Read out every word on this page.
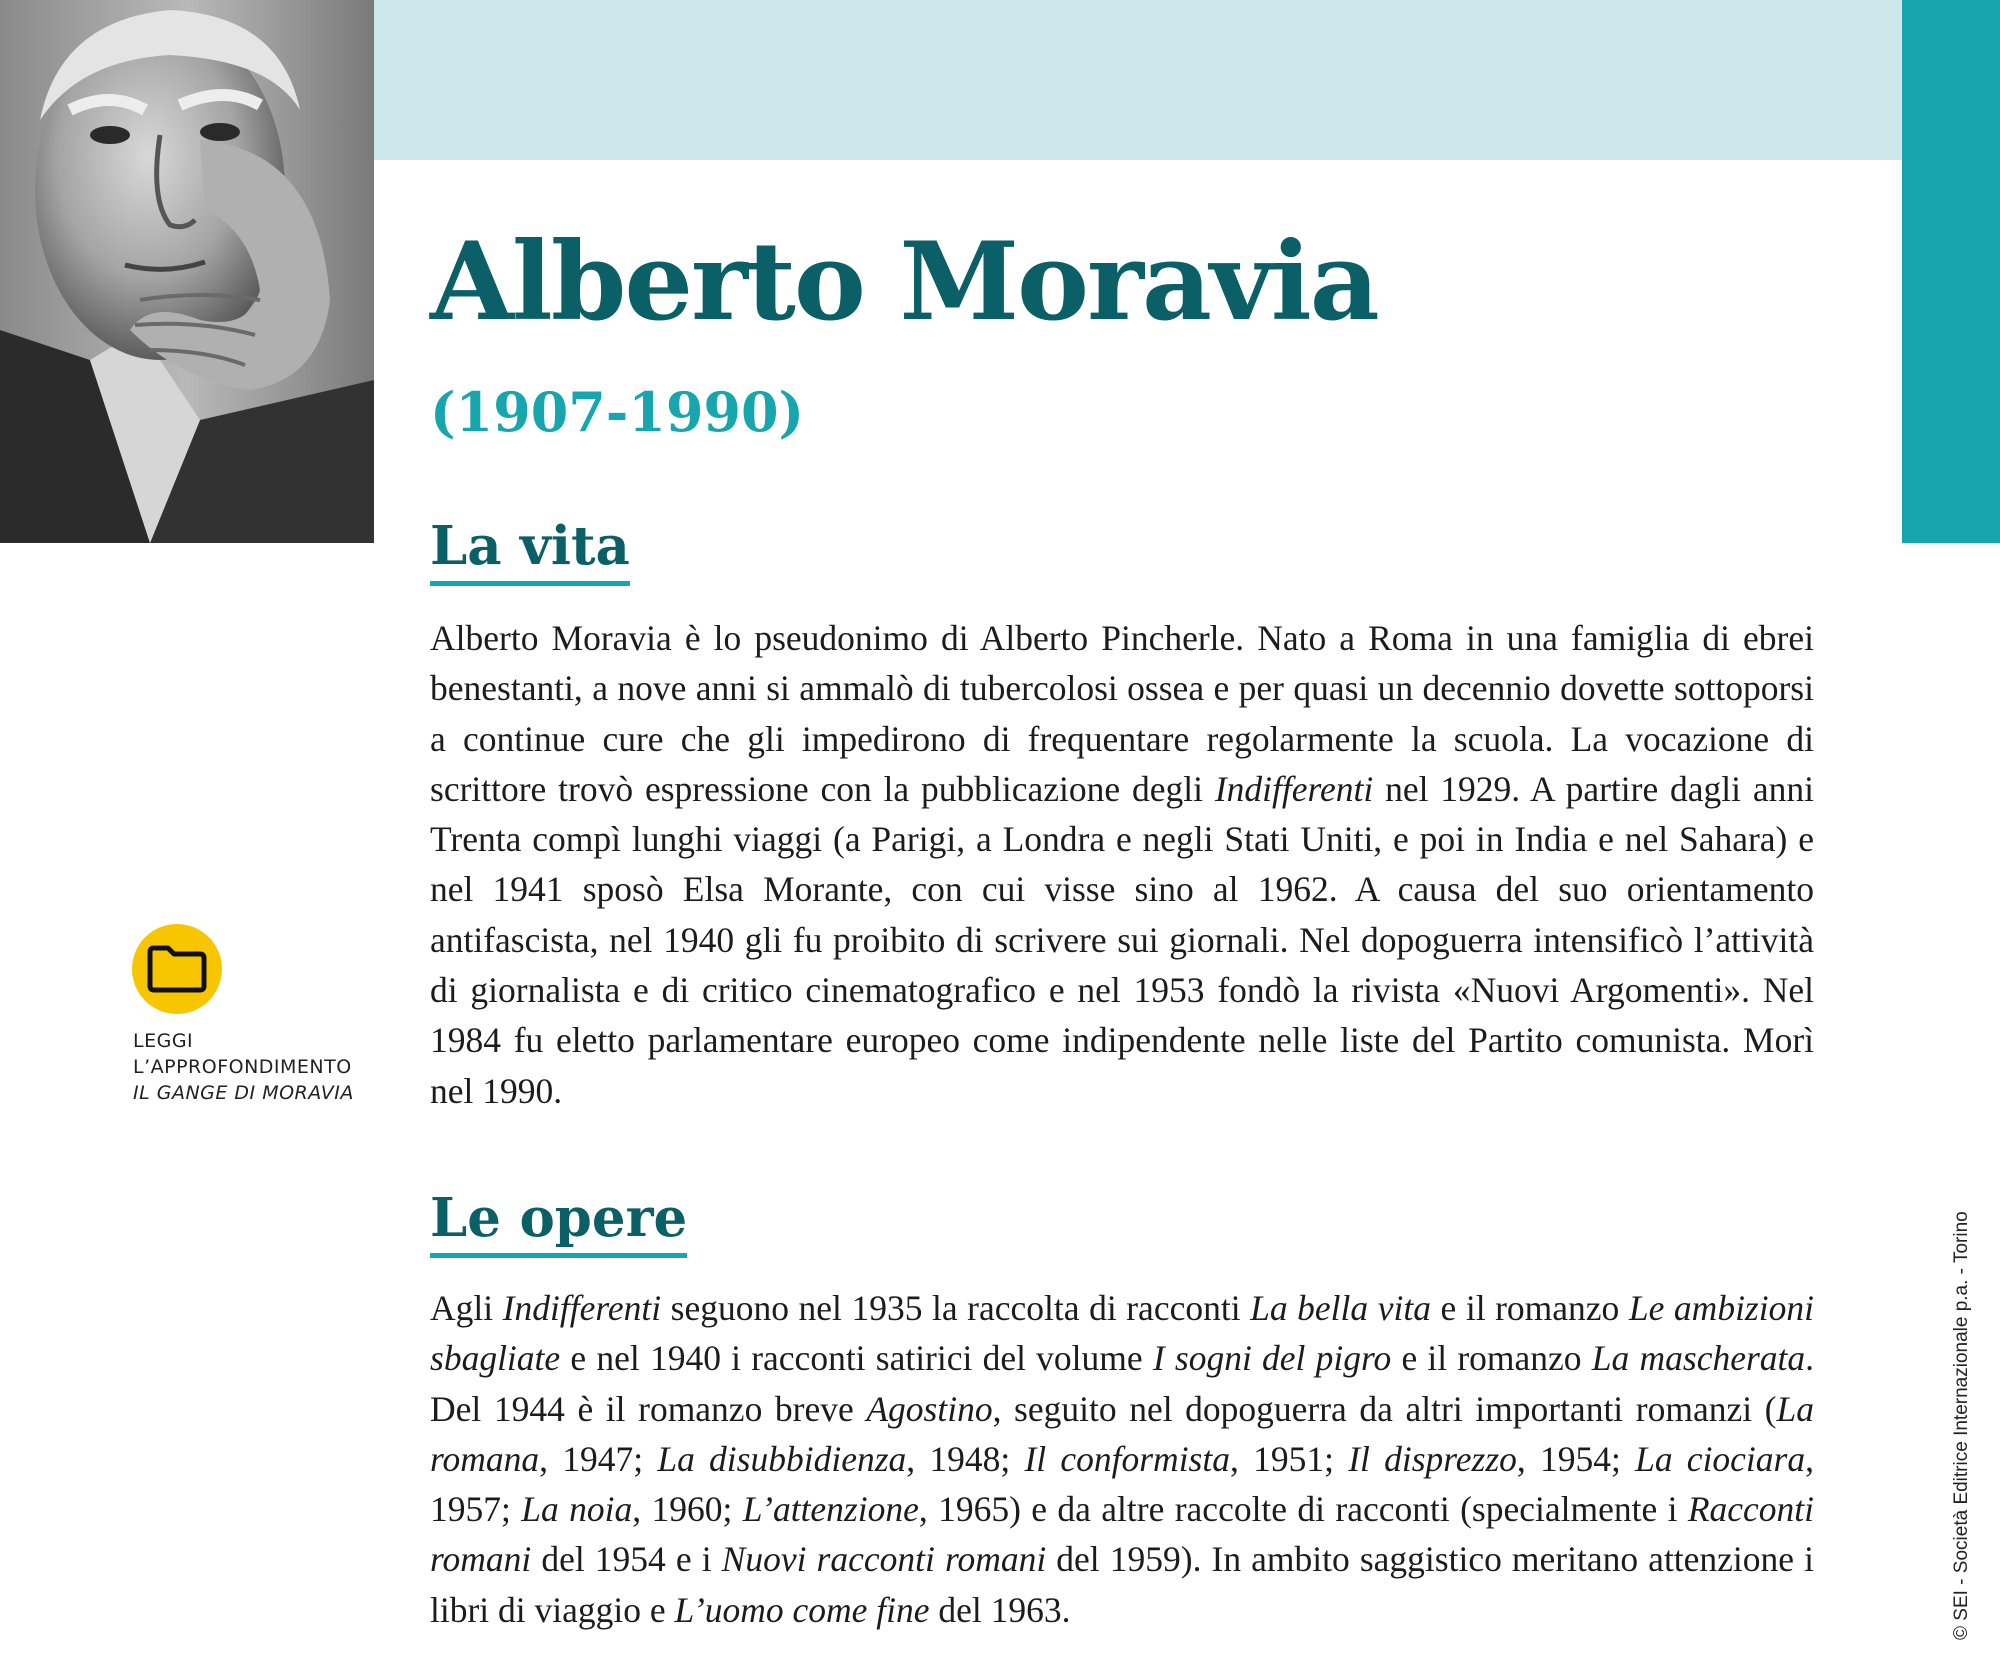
Alberto Moravia
(1907-1990)
La vita

Alberto Moravia è lo pseudonimo di Alberto Pincherle. Nato a Roma in una famiglia di ebrei benestanti, a nove anni si ammalò di tubercolosi ossea e per quasi un decennio dovette sottoporsi a continue cure che gli impedirono di frequentare regolarmente la scuola. La vocazione di scrittore trovò espressione con la pubblicazione degli Indifferenti nel 1929. A partire dagli anni Trenta compì lunghi viaggi (a Parigi, a Londra e negli Stati Uniti, e poi in India e nel Sahara) e nel 1941 sposò Elsa Morante, con cui visse sino al 1962. A causa del suo orientamento antifascista, nel 1940 gli fu proibito di scrivere sui giornali. Nel dopoguerra intensificò l’attività di giornalista e di critico cinematografico e nel 1953 fondò la rivista «Nuovi Argomenti». Nel 1984 fu eletto parlamentare europeo come indipendente nelle liste del Partito comunista. Morì nel 1990.

Le opere

Agli Indifferenti seguono nel 1935 la raccolta di racconti La bella vita e il romanzo Le ambizioni sbagliate e nel 1940 i racconti satirici del volume I sogni del pigro e il romanzo La mascherata. Del 1944 è il romanzo breve Agostino, seguito nel dopoguerra da altri importanti romanzi (La romana, 1947; La disubbidienza, 1948; Il conformista, 1951; Il disprezzo, 1954; La ciociara, 1957; La noia, 1960; L’attenzione, 1965) e da altre raccolte di racconti (specialmente i Racconti romani del 1954 e i Nuovi racconti romani del 1959). In ambito saggistico meritano attenzione i libri di viaggio e L’uomo come fine del 1963.

LEGGI
L’APPROFONDIMENTO
IL GANGE DI MORAVIA
© SEI - Società Editrice Internazionale p.a. - Torino
